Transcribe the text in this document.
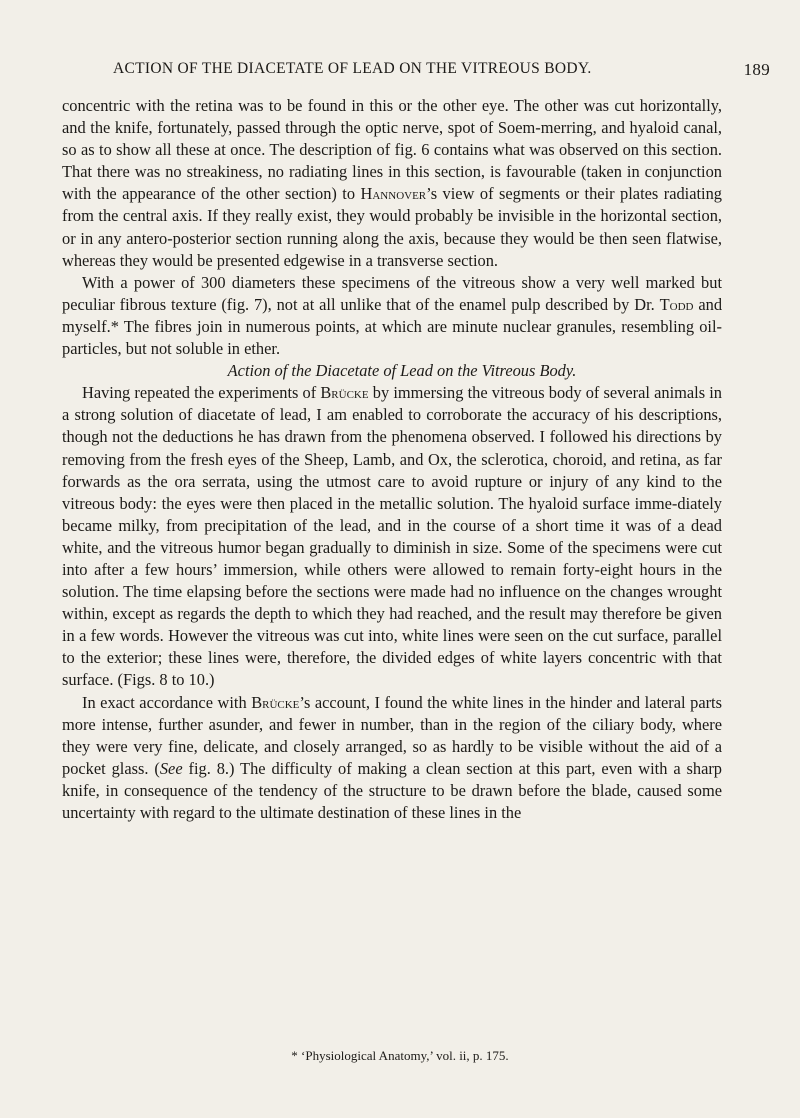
ACTION OF THE DIACETATE OF LEAD ON THE VITREOUS BODY.	189

concentric with the retina was to be found in this or the other eye. The other was cut horizontally, and the knife, fortunately, passed through the optic nerve, spot of Soem-merring, and hyaloid canal, so as to show all these at once. The description of fig. 6 contains what was observed on this section. That there was no streakiness, no radiating lines in this section, is favourable (taken in conjunction with the appearance of the other section) to Hannover’s view of segments or their plates radiating from the central axis. If they really exist, they would probably be invisible in the horizontal section, or in any antero-posterior section running along the axis, because they would be then seen flatwise, whereas they would be presented edgewise in a transverse section.

With a power of 300 diameters these specimens of the vitreous show a very well marked but peculiar fibrous texture (fig. 7), not at all unlike that of the enamel pulp described by Dr. Todd and myself.* The fibres join in numerous points, at which are minute nuclear granules, resembling oil-particles, but not soluble in ether.

Action of the Diacetate of Lead on the Vitreous Body.

Having repeated the experiments of Brücke by immersing the vitreous body of several animals in a strong solution of diacetate of lead, I am enabled to corroborate the accuracy of his descriptions, though not the deductions he has drawn from the phenomena observed. I followed his directions by removing from the fresh eyes of the Sheep, Lamb, and Ox, the sclerotica, choroid, and retina, as far forwards as the ora serrata, using the utmost care to avoid rupture or injury of any kind to the vitreous body: the eyes were then placed in the metallic solution. The hyaloid surface imme-diately became milky, from precipitation of the lead, and in the course of a short time it was of a dead white, and the vitreous humor began gradually to diminish in size. Some of the specimens were cut into after a few hours’ immersion, while others were allowed to remain forty-eight hours in the solution. The time elapsing before the sections were made had no influence on the changes wrought within, except as regards the depth to which they had reached, and the result may therefore be given in a few words. However the vitreous was cut into, white lines were seen on the cut surface, parallel to the exterior; these lines were, therefore, the divided edges of white layers concentric with that surface. (Figs. 8 to 10.)

In exact accordance with Brücke’s account, I found the white lines in the hinder and lateral parts more intense, further asunder, and fewer in number, than in the region of the ciliary body, where they were very fine, delicate, and closely arranged, so as hardly to be visible without the aid of a pocket glass. (See fig. 8.) The difficulty of making a clean section at this part, even with a sharp knife, in consequence of the tendency of the structure to be drawn before the blade, caused some uncertainty with regard to the ultimate destination of these lines in the

* ‘Physiological Anatomy,’ vol. ii, p. 175.
